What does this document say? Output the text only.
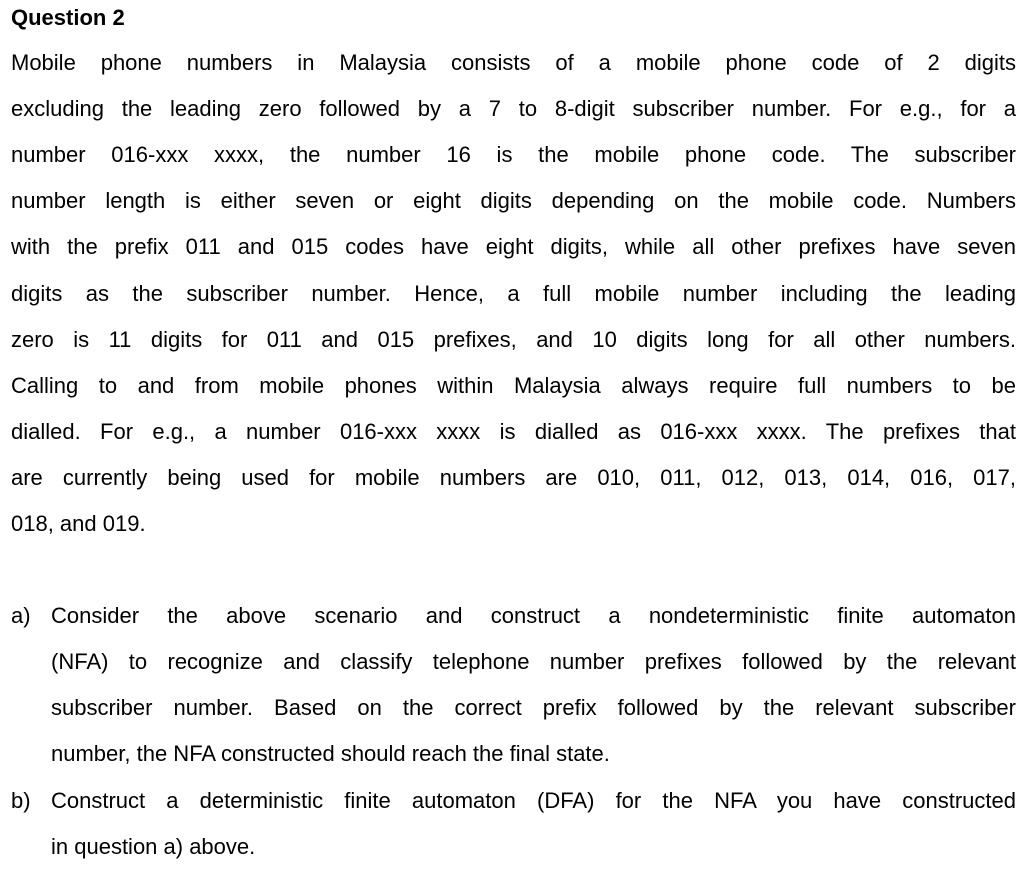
Question 2
Mobile phone numbers in Malaysia consists of a mobile phone code of 2 digits
excluding the leading zero followed by a 7 to 8-digit subscriber number. For e.g., for a
number 016-xxx xxxx, the number 16 is the mobile phone code. The subscriber
number length is either seven or eight digits depending on the mobile code. Numbers
with the prefix 011 and 015 codes have eight digits, while all other prefixes have seven
digits as the subscriber number. Hence, a full mobile number including the leading
zero is 11 digits for 011 and 015 prefixes, and 10 digits long for all other numbers.
Calling to and from mobile phones within Malaysia always require full numbers to be
dialled. For e.g., a number 016-xxx xxxx is dialled as 016-xxx xxxx. The prefixes that
are currently being used for mobile numbers are 010, 011, 012, 013, 014, 016, 017,
018, and 019.
a) Consider the above scenario and construct a nondeterministic finite automaton
(NFA) to recognize and classify telephone number prefixes followed by the relevant
subscriber number. Based on the correct prefix followed by the relevant subscriber
number, the NFA constructed should reach the final state.
b) Construct a deterministic finite automaton (DFA) for the NFA you have constructed
in question a) above.
